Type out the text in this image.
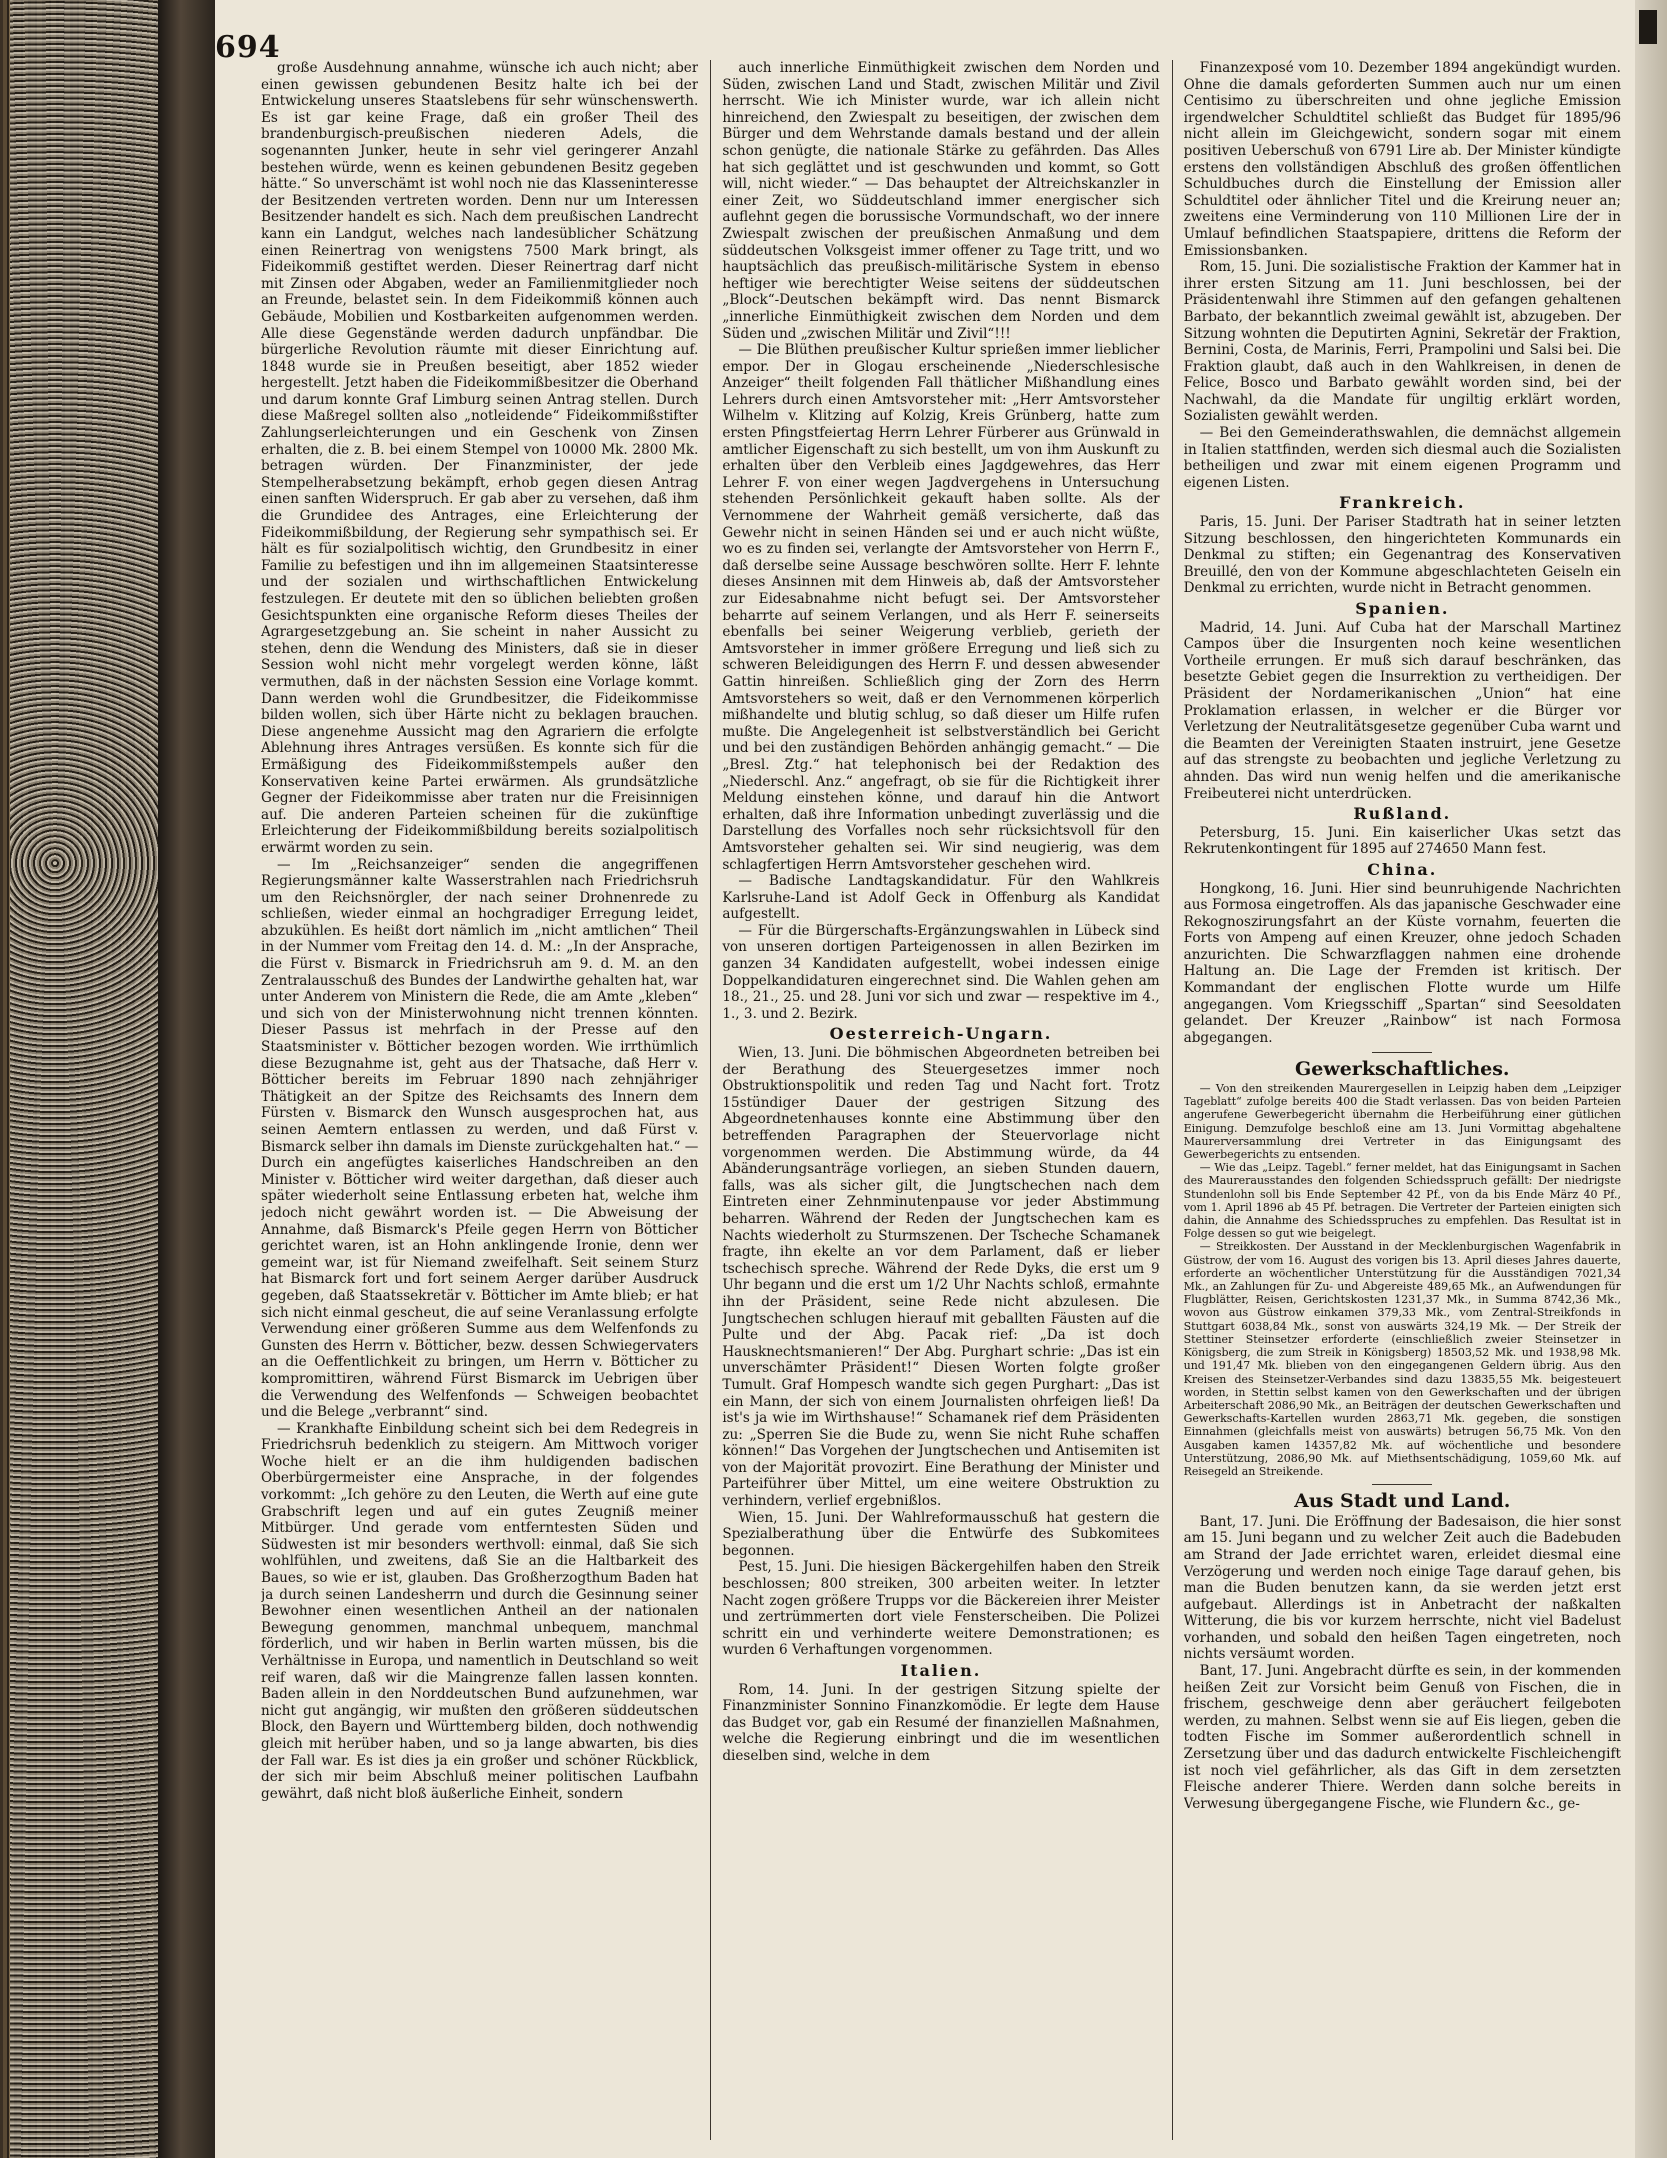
694

große Ausdehnung annahme, wünsche ich auch nicht; aber einen gewissen gebundenen Besitz halte ich bei der Entwickelung unseres Staatslebens für sehr wünschenswerth. Es ist gar keine Frage, daß ein großer Theil des brandenburgisch-preußischen niederen Adels, die sogenannten Junker, heute in sehr viel geringerer Anzahl bestehen würde, wenn es keinen gebundenen Besitz gegeben hätte.“ So unverschämt ist wohl noch nie das Klasseninteresse der Besitzenden vertreten worden. Denn nur um Interessen Besitzender handelt es sich. Nach dem preußischen Landrecht kann ein Landgut, welches nach landesüblicher Schätzung einen Reinertrag von wenigstens 7500 Mark bringt, als Fideikommiß gestiftet werden. Dieser Reinertrag darf nicht mit Zinsen oder Abgaben, weder an Familienmitglieder noch an Freunde, belastet sein. In dem Fideikommiß können auch Gebäude, Mobilien und Kostbarkeiten aufgenommen werden. Alle diese Gegenstände werden dadurch unpfändbar. Die bürgerliche Revolution räumte mit dieser Einrichtung auf. 1848 wurde sie in Preußen beseitigt, aber 1852 wieder hergestellt. Jetzt haben die Fideikommißbesitzer die Oberhand und darum konnte Graf Limburg seinen Antrag stellen. Durch diese Maßregel sollten also „notleidende“ Fideikommißstifter Zahlungserleichterungen und ein Geschenk von Zinsen erhalten, die z. B. bei einem Stempel von 10000 Mk. 2800 Mk. betragen würden. Der Finanzminister, der jede Stempelherabsetzung bekämpft, erhob gegen diesen Antrag einen sanften Widerspruch. Er gab aber zu versehen, daß ihm die Grundidee des Antrages, eine Erleichterung der Fideikommißbildung, der Regierung sehr sympathisch sei. Er hält es für sozialpolitisch wichtig, den Grundbesitz in einer Familie zu befestigen und ihn im allgemeinen Staatsinteresse und der sozialen und wirthschaftlichen Entwickelung festzulegen. Er deutete mit den so üblichen beliebten großen Gesichtspunkten eine organische Reform dieses Theiles der Agrargesetzgebung an. Sie scheint in naher Aussicht zu stehen, denn die Wendung des Ministers, daß sie in dieser Session wohl nicht mehr vorgelegt werden könne, läßt vermuthen, daß in der nächsten Session eine Vorlage kommt. Dann werden wohl die Grundbesitzer, die Fideikommisse bilden wollen, sich über Härte nicht zu beklagen brauchen. Diese angenehme Aussicht mag den Agrariern die erfolgte Ablehnung ihres Antrages versüßen. Es konnte sich für die Ermäßigung des Fideikommißstempels außer den Konservativen keine Partei erwärmen. Als grundsätzliche Gegner der Fideikommisse aber traten nur die Freisinnigen auf. Die anderen Parteien scheinen für die zukünftige Erleichterung der Fideikommißbildung bereits sozialpolitisch erwärmt worden zu sein.

— Im „Reichsanzeiger“ senden die angegriffenen Regierungsmänner kalte Wasserstrahlen nach Friedrichsruh um den Reichsnörgler, der nach seiner Drohnenrede zu schließen, wieder einmal an hochgradiger Erregung leidet, abzukühlen. Es heißt dort nämlich im „nicht amtlichen“ Theil in der Nummer vom Freitag den 14. d. M.: „In der Ansprache, die Fürst v. Bismarck in Friedrichsruh am 9. d. M. an den Zentralausschuß des Bundes der Landwirthe gehalten hat, war unter Anderem von Ministern die Rede, die am Amte „kleben“ und sich von der Ministerwohnung nicht trennen könnten. Dieser Passus ist mehrfach in der Presse auf den Staatsminister v. Bötticher bezogen worden. Wie irrthümlich diese Bezugnahme ist, geht aus der Thatsache, daß Herr v. Bötticher bereits im Februar 1890 nach zehnjähriger Thätigkeit an der Spitze des Reichsamts des Innern dem Fürsten v. Bismarck den Wunsch ausgesprochen hat, aus seinen Aemtern entlassen zu werden, und daß Fürst v. Bismarck selber ihn damals im Dienste zurückgehalten hat.“ — Durch ein angefügtes kaiserliches Handschreiben an den Minister v. Bötticher wird weiter dargethan, daß dieser auch später wiederholt seine Entlassung erbeten hat, welche ihm jedoch nicht gewährt worden ist. — Die Abweisung der Annahme, daß Bismarck's Pfeile gegen Herrn von Bötticher gerichtet waren, ist an Hohn anklingende Ironie, denn wer gemeint war, ist für Niemand zweifelhaft. Seit seinem Sturz hat Bismarck fort und fort seinem Aerger darüber Ausdruck gegeben, daß Staatssekretär v. Bötticher im Amte blieb; er hat sich nicht einmal gescheut, die auf seine Veranlassung erfolgte Verwendung einer größeren Summe aus dem Welfenfonds zu Gunsten des Herrn v. Bötticher, bezw. dessen Schwiegervaters an die Oeffentlichkeit zu bringen, um Herrn v. Bötticher zu kompromittiren, während Fürst Bismarck im Uebrigen über die Verwendung des Welfenfonds — Schweigen beobachtet und die Belege „verbrannt“ sind.

— Krankhafte Einbildung scheint sich bei dem Redegreis in Friedrichsruh bedenklich zu steigern. Am Mittwoch voriger Woche hielt er an die ihm huldigenden badischen Oberbürgermeister eine Ansprache, in der folgendes vorkommt: „Ich gehöre zu den Leuten, die Werth auf eine gute Grabschrift legen und auf ein gutes Zeugniß meiner Mitbürger. Und gerade vom entferntesten Süden und Südwesten ist mir besonders werthvoll: einmal, daß Sie sich wohlfühlen, und zweitens, daß Sie an die Haltbarkeit des Baues, so wie er ist, glauben. Das Großherzogthum Baden hat ja durch seinen Landesherrn und durch die Gesinnung seiner Bewohner einen wesentlichen Antheil an der nationalen Bewegung genommen, manchmal unbequem, manchmal förderlich, und wir haben in Berlin warten müssen, bis die Verhältnisse in Europa, und namentlich in Deutschland so weit reif waren, daß wir die Maingrenze fallen lassen konnten. Baden allein in den Norddeutschen Bund aufzunehmen, war nicht gut angängig, wir mußten den größeren süddeutschen Block, den Bayern und Württemberg bilden, doch nothwendig gleich mit herüber haben, und so ja lange abwarten, bis dies der Fall war. Es ist dies ja ein großer und schöner Rückblick, der sich mir beim Abschluß meiner politischen Laufbahn gewährt, daß nicht bloß äußerliche Einheit, sondern

auch innerliche Einmüthigkeit zwischen dem Norden und Süden, zwischen Land und Stadt, zwischen Militär und Zivil herrscht. Wie ich Minister wurde, war ich allein nicht hinreichend, den Zwiespalt zu beseitigen, der zwischen dem Bürger und dem Wehrstande damals bestand und der allein schon genügte, die nationale Stärke zu gefährden. Das Alles hat sich geglättet und ist geschwunden und kommt, so Gott will, nicht wieder.“ — Das behauptet der Altreichskanzler in einer Zeit, wo Süddeutschland immer energischer sich auflehnt gegen die borussische Vormundschaft, wo der innere Zwiespalt zwischen der preußischen Anmaßung und dem süddeutschen Volksgeist immer offener zu Tage tritt, und wo hauptsächlich das preußisch-militärische System in ebenso heftiger wie berechtigter Weise seitens der süddeutschen „Block“-Deutschen bekämpft wird. Das nennt Bismarck „innerliche Einmüthigkeit zwischen dem Norden und dem Süden und „zwischen Militär und Zivil“!!!

— Die Blüthen preußischer Kultur sprießen immer lieblicher empor. Der in Glogau erscheinende „Niederschlesische Anzeiger“ theilt folgenden Fall thätlicher Mißhandlung eines Lehrers durch einen Amtsvorsteher mit: „Herr Amtsvorsteher Wilhelm v. Klitzing auf Kolzig, Kreis Grünberg, hatte zum ersten Pfingstfeiertag Herrn Lehrer Fürberer aus Grünwald in amtlicher Eigenschaft zu sich bestellt, um von ihm Auskunft zu erhalten über den Verbleib eines Jagdgewehres, das Herr Lehrer F. von einer wegen Jagdvergehens in Untersuchung stehenden Persönlichkeit gekauft haben sollte. Als der Vernommene der Wahrheit gemäß versicherte, daß das Gewehr nicht in seinen Händen sei und er auch nicht wüßte, wo es zu finden sei, verlangte der Amtsvorsteher von Herrn F., daß derselbe seine Aussage beschwören sollte. Herr F. lehnte dieses Ansinnen mit dem Hinweis ab, daß der Amtsvorsteher zur Eidesabnahme nicht befugt sei. Der Amtsvorsteher beharrte auf seinem Verlangen, und als Herr F. seinerseits ebenfalls bei seiner Weigerung verblieb, gerieth der Amtsvorsteher in immer größere Erregung und ließ sich zu schweren Beleidigungen des Herrn F. und dessen abwesender Gattin hinreißen. Schließlich ging der Zorn des Herrn Amtsvorstehers so weit, daß er den Vernommenen körperlich mißhandelte und blutig schlug, so daß dieser um Hilfe rufen mußte. Die Angelegenheit ist selbstverständlich bei Gericht und bei den zuständigen Behörden anhängig gemacht.“ — Die „Bresl. Ztg.“ hat telephonisch bei der Redaktion des „Niederschl. Anz.“ angefragt, ob sie für die Richtigkeit ihrer Meldung einstehen könne, und darauf hin die Antwort erhalten, daß ihre Information unbedingt zuverlässig und die Darstellung des Vorfalles noch sehr rücksichtsvoll für den Amtsvorsteher gehalten sei. Wir sind neugierig, was dem schlagfertigen Herrn Amtsvorsteher geschehen wird.

— Badische Landtagskandidatur. Für den Wahlkreis Karlsruhe-Land ist Adolf Geck in Offenburg als Kandidat aufgestellt.

— Für die Bürgerschafts-Ergänzungswahlen in Lübeck sind von unseren dortigen Parteigenossen in allen Bezirken im ganzen 34 Kandidaten aufgestellt, wobei indessen einige Doppelkandidaturen eingerechnet sind. Die Wahlen gehen am 18., 21., 25. und 28. Juni vor sich und zwar — respektive im 4., 1., 3. und 2. Bezirk.

Oesterreich-Ungarn.

Wien, 13. Juni. Die böhmischen Abgeordneten betreiben bei der Berathung des Steuergesetzes immer noch Obstruktionspolitik und reden Tag und Nacht fort. Trotz 15stündiger Dauer der gestrigen Sitzung des Abgeordnetenhauses konnte eine Abstimmung über den betreffenden Paragraphen der Steuervorlage nicht vorgenommen werden. Die Abstimmung würde, da 44 Abänderungsanträge vorliegen, an sieben Stunden dauern, falls, was als sicher gilt, die Jungtschechen nach dem Eintreten einer Zehnminutenpause vor jeder Abstimmung beharren. Während der Reden der Jungtschechen kam es Nachts wiederholt zu Sturmszenen. Der Tscheche Schamanek fragte, ihn ekelte an vor dem Parlament, daß er lieber tschechisch spreche. Während der Rede Dyks, die erst um 9 Uhr begann und die erst um 1/2 Uhr Nachts schloß, ermahnte ihn der Präsident, seine Rede nicht abzulesen. Die Jungtschechen schlugen hierauf mit geballten Fäusten auf die Pulte und der Abg. Pacak rief: „Da ist doch Hausknechtsmanieren!“ Der Abg. Purghart schrie: „Das ist ein unverschämter Präsident!“ Diesen Worten folgte großer Tumult. Graf Hompesch wandte sich gegen Purghart: „Das ist ein Mann, der sich von einem Journalisten ohrfeigen ließ! Da ist's ja wie im Wirthshause!“ Schamanek rief dem Präsidenten zu: „Sperren Sie die Bude zu, wenn Sie nicht Ruhe schaffen können!“ Das Vorgehen der Jungtschechen und Antisemiten ist von der Majorität provozirt. Eine Berathung der Minister und Parteiführer über Mittel, um eine weitere Obstruktion zu verhindern, verlief ergebnißlos.

Wien, 15. Juni. Der Wahlreformausschuß hat gestern die Spezialberathung über die Entwürfe des Subkomitees begonnen.

Pest, 15. Juni. Die hiesigen Bäckergehilfen haben den Streik beschlossen; 800 streiken, 300 arbeiten weiter. In letzter Nacht zogen größere Trupps vor die Bäckereien ihrer Meister und zertrümmerten dort viele Fensterscheiben. Die Polizei schritt ein und verhinderte weitere Demonstrationen; es wurden 6 Verhaftungen vorgenommen.

Italien.

Rom, 14. Juni. In der gestrigen Sitzung spielte der Finanzminister Sonnino Finanzkomödie. Er legte dem Hause das Budget vor, gab ein Resumé der finanziellen Maßnahmen, welche die Regierung einbringt und die im wesentlichen dieselben sind, welche in dem

Finanzexposé vom 10. Dezember 1894 angekündigt wurden. Ohne die damals geforderten Summen auch nur um einen Centisimo zu überschreiten und ohne jegliche Emission irgendwelcher Schuldtitel schließt das Budget für 1895/96 nicht allein im Gleichgewicht, sondern sogar mit einem positiven Ueberschuß von 6791 Lire ab. Der Minister kündigte erstens den vollständigen Abschluß des großen öffentlichen Schuldbuches durch die Einstellung der Emission aller Schuldtitel oder ähnlicher Titel und die Kreirung neuer an; zweitens eine Verminderung von 110 Millionen Lire der in Umlauf befindlichen Staatspapiere, drittens die Reform der Emissionsbanken.

Rom, 15. Juni. Die sozialistische Fraktion der Kammer hat in ihrer ersten Sitzung am 11. Juni beschlossen, bei der Präsidentenwahl ihre Stimmen auf den gefangen gehaltenen Barbato, der bekanntlich zweimal gewählt ist, abzugeben. Der Sitzung wohnten die Deputirten Agnini, Sekretär der Fraktion, Bernini, Costa, de Marinis, Ferri, Prampolini und Salsi bei. Die Fraktion glaubt, daß auch in den Wahlkreisen, in denen de Felice, Bosco und Barbato gewählt worden sind, bei der Nachwahl, da die Mandate für ungiltig erklärt worden, Sozialisten gewählt werden.

— Bei den Gemeinderathswahlen, die demnächst allgemein in Italien stattfinden, werden sich diesmal auch die Sozialisten betheiligen und zwar mit einem eigenen Programm und eigenen Listen.

Frankreich.

Paris, 15. Juni. Der Pariser Stadtrath hat in seiner letzten Sitzung beschlossen, den hingerichteten Kommunards ein Denkmal zu stiften; ein Gegenantrag des Konservativen Breuillé, den von der Kommune abgeschlachteten Geiseln ein Denkmal zu errichten, wurde nicht in Betracht genommen.

Spanien.

Madrid, 14. Juni. Auf Cuba hat der Marschall Martinez Campos über die Insurgenten noch keine wesentlichen Vortheile errungen. Er muß sich darauf beschränken, das besetzte Gebiet gegen die Insurrektion zu vertheidigen. Der Präsident der Nordamerikanischen „Union“ hat eine Proklamation erlassen, in welcher er die Bürger vor Verletzung der Neutralitätsgesetze gegenüber Cuba warnt und die Beamten der Vereinigten Staaten instruirt, jene Gesetze auf das strengste zu beobachten und jegliche Verletzung zu ahnden. Das wird nun wenig helfen und die amerikanische Freibeuterei nicht unterdrücken.

Rußland.

Petersburg, 15. Juni. Ein kaiserlicher Ukas setzt das Rekrutenkontingent für 1895 auf 274650 Mann fest.

China.

Hongkong, 16. Juni. Hier sind beunruhigende Nachrichten aus Formosa eingetroffen. Als das japanische Geschwader eine Rekognoszirungsfahrt an der Küste vornahm, feuerten die Forts von Ampeng auf einen Kreuzer, ohne jedoch Schaden anzurichten. Die Schwarzflaggen nahmen eine drohende Haltung an. Die Lage der Fremden ist kritisch. Der Kommandant der englischen Flotte wurde um Hilfe angegangen. Vom Kriegsschiff „Spartan“ sind Seesoldaten gelandet. Der Kreuzer „Rainbow“ ist nach Formosa abgegangen.

Gewerkschaftliches.

— Von den streikenden Maurergesellen in Leipzig haben dem „Leipziger Tageblatt“ zufolge bereits 400 die Stadt verlassen. Das von beiden Parteien angerufene Gewerbegericht übernahm die Herbeiführung einer gütlichen Einigung. Demzufolge beschloß eine am 13. Juni Vormittag abgehaltene Maurerversammlung drei Vertreter in das Einigungsamt des Gewerbegerichts zu entsenden.

— Wie das „Leipz. Tagebl.“ ferner meldet, hat das Einigungsamt in Sachen des Maurerausstandes den folgenden Schiedsspruch gefällt: Der niedrigste Stundenlohn soll bis Ende September 42 Pf., von da bis Ende März 40 Pf., vom 1. April 1896 ab 45 Pf. betragen. Die Vertreter der Parteien einigten sich dahin, die Annahme des Schiedsspruches zu empfehlen. Das Resultat ist in Folge dessen so gut wie beigelegt.

— Streikkosten. Der Ausstand in der Mecklenburgischen Wagenfabrik in Güstrow, der vom 16. August des vorigen bis 13. April dieses Jahres dauerte, erforderte an wöchentlicher Unterstützung für die Ausständigen 7021,34 Mk., an Zahlungen für Zu- und Abgereiste 489,65 Mk., an Aufwendungen für Flugblätter, Reisen, Gerichtskosten 1231,37 Mk., in Summa 8742,36 Mk., wovon aus Güstrow einkamen 379,33 Mk., vom Zentral-Streikfonds in Stuttgart 6038,84 Mk., sonst von auswärts 324,19 Mk. — Der Streik der Stettiner Steinsetzer erforderte (einschließlich zweier Steinsetzer in Königsberg, die zum Streik in Königsberg) 18503,52 Mk. und 1938,98 Mk. und 191,47 Mk. blieben von den eingegangenen Geldern übrig. Aus den Kreisen des Steinsetzer-Verbandes sind dazu 13835,55 Mk. beigesteuert worden, in Stettin selbst kamen von den Gewerkschaften und der übrigen Arbeiterschaft 2086,90 Mk., an Beiträgen der deutschen Gewerkschaften und Gewerkschafts-Kartellen wurden 2863,71 Mk. gegeben, die sonstigen Einnahmen (gleichfalls meist von auswärts) betrugen 56,75 Mk. Von den Ausgaben kamen 14357,82 Mk. auf wöchentliche und besondere Unterstützung, 2086,90 Mk. auf Miethsentschädigung, 1059,60 Mk. auf Reisegeld an Streikende.

Aus Stadt und Land.

Bant, 17. Juni. Die Eröffnung der Badesaison, die hier sonst am 15. Juni begann und zu welcher Zeit auch die Badebuden am Strand der Jade errichtet waren, erleidet diesmal eine Verzögerung und werden noch einige Tage darauf gehen, bis man die Buden benutzen kann, da sie werden jetzt erst aufgebaut. Allerdings ist in Anbetracht der naßkalten Witterung, die bis vor kurzem herrschte, nicht viel Badelust vorhanden, und sobald den heißen Tagen eingetreten, noch nichts versäumt worden.

Bant, 17. Juni. Angebracht dürfte es sein, in der kommenden heißen Zeit zur Vorsicht beim Genuß von Fischen, die in frischem, geschweige denn aber geräuchert feilgeboten werden, zu mahnen. Selbst wenn sie auf Eis liegen, geben die todten Fische im Sommer außerordentlich schnell in Zersetzung über und das dadurch entwickelte Fischleichengift ist noch viel gefährlicher, als das Gift in dem zersetzten Fleische anderer Thiere. Werden dann solche bereits in Verwesung übergegangene Fische, wie Flundern &c., ge-
